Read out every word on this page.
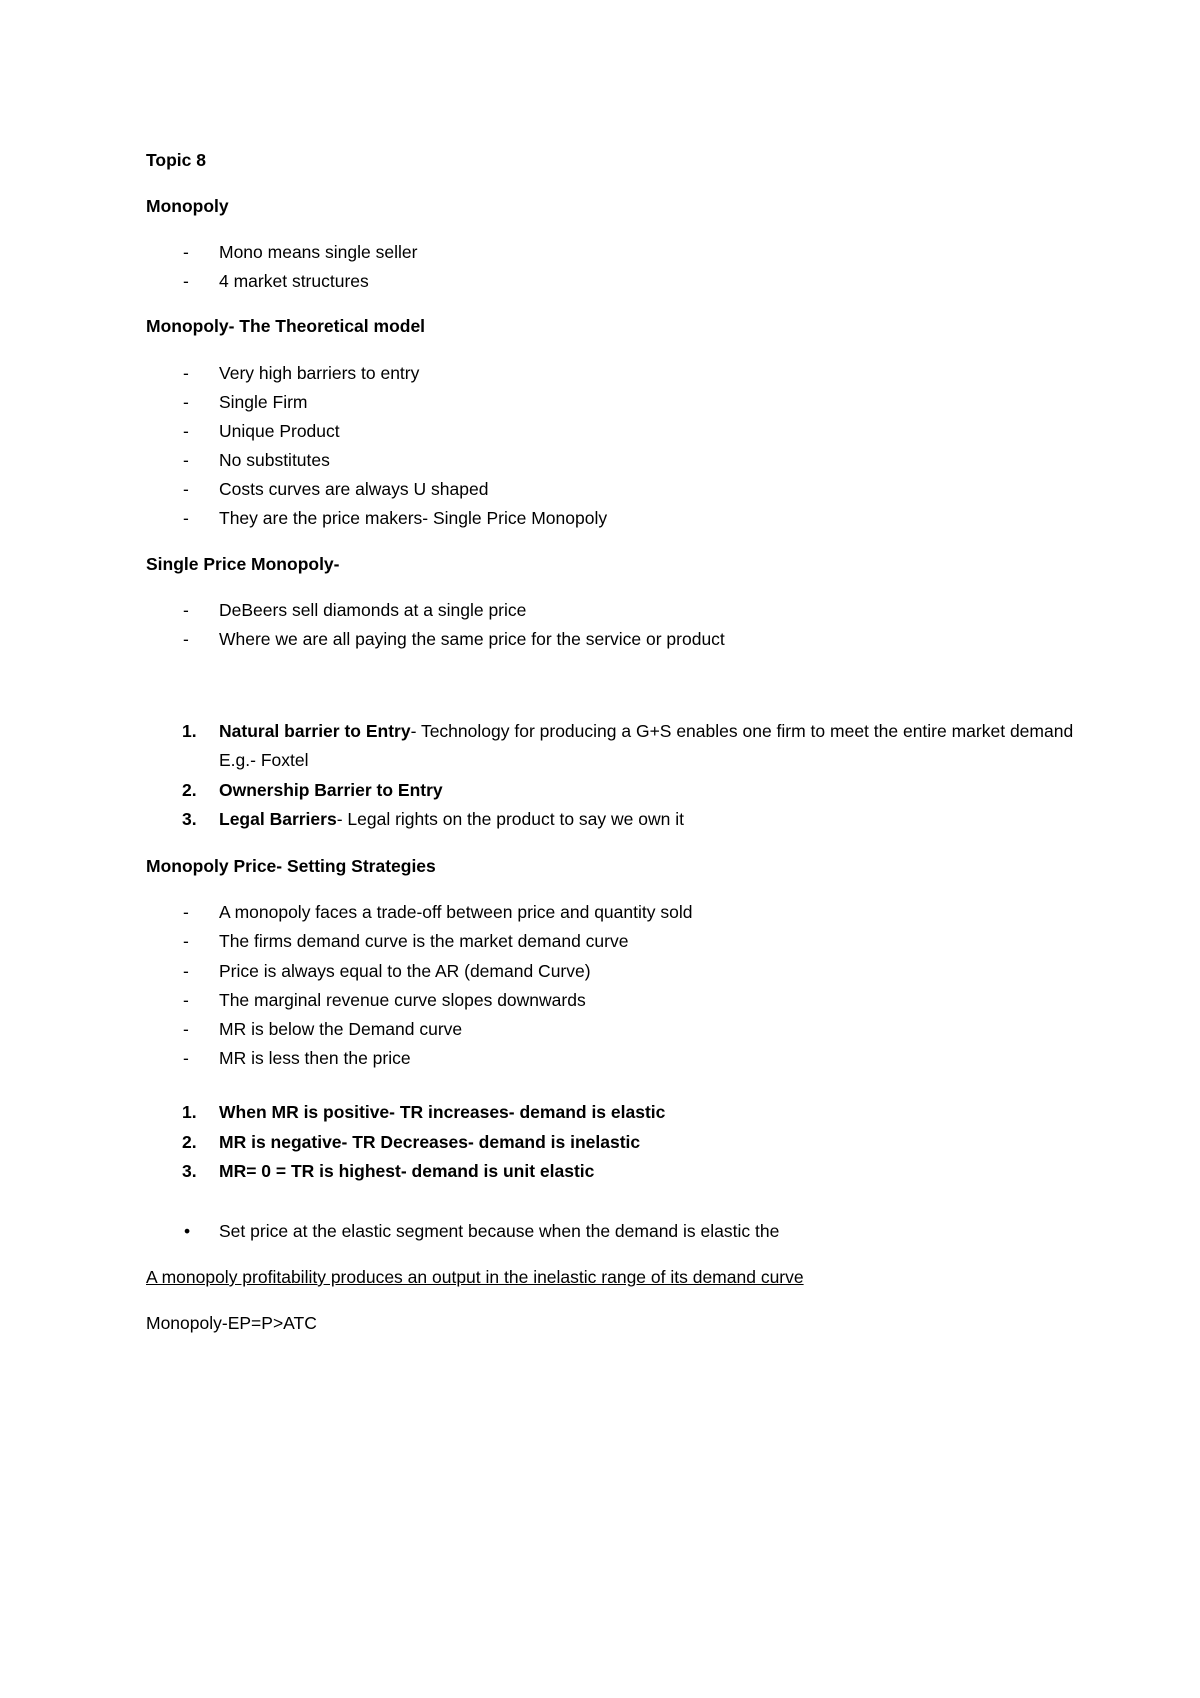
Topic 8
Monopoly
- Mono means single seller
- 4 market structures
Monopoly- The Theoretical model
- Very high barriers to entry
- Single Firm
- Unique Product
- No substitutes
- Costs curves are always U shaped
- They are the price makers- Single Price Monopoly
Single Price Monopoly-
- DeBeers sell diamonds at a single price
- Where we are all paying the same price for the service or product
1. Natural barrier to Entry- Technology for producing a G+S enables one firm to meet the entire market demand E.g.- Foxtel
2. Ownership Barrier to Entry
3. Legal Barriers- Legal rights on the product to say we own it
Monopoly Price- Setting Strategies
- A monopoly faces a trade-off between price and quantity sold
- The firms demand curve is the market demand curve
- Price is always equal to the AR (demand Curve)
- The marginal revenue curve slopes downwards
- MR is below the Demand curve
- MR is less then the price
1. When MR is positive- TR increases- demand is elastic
2. MR is negative- TR Decreases- demand is inelastic
3. MR= 0 = TR is highest- demand is unit elastic
• Set price at the elastic segment because when the demand is elastic the
A monopoly profitability produces an output in the inelastic range of its demand curve
Monopoly-EP=P>ATC
